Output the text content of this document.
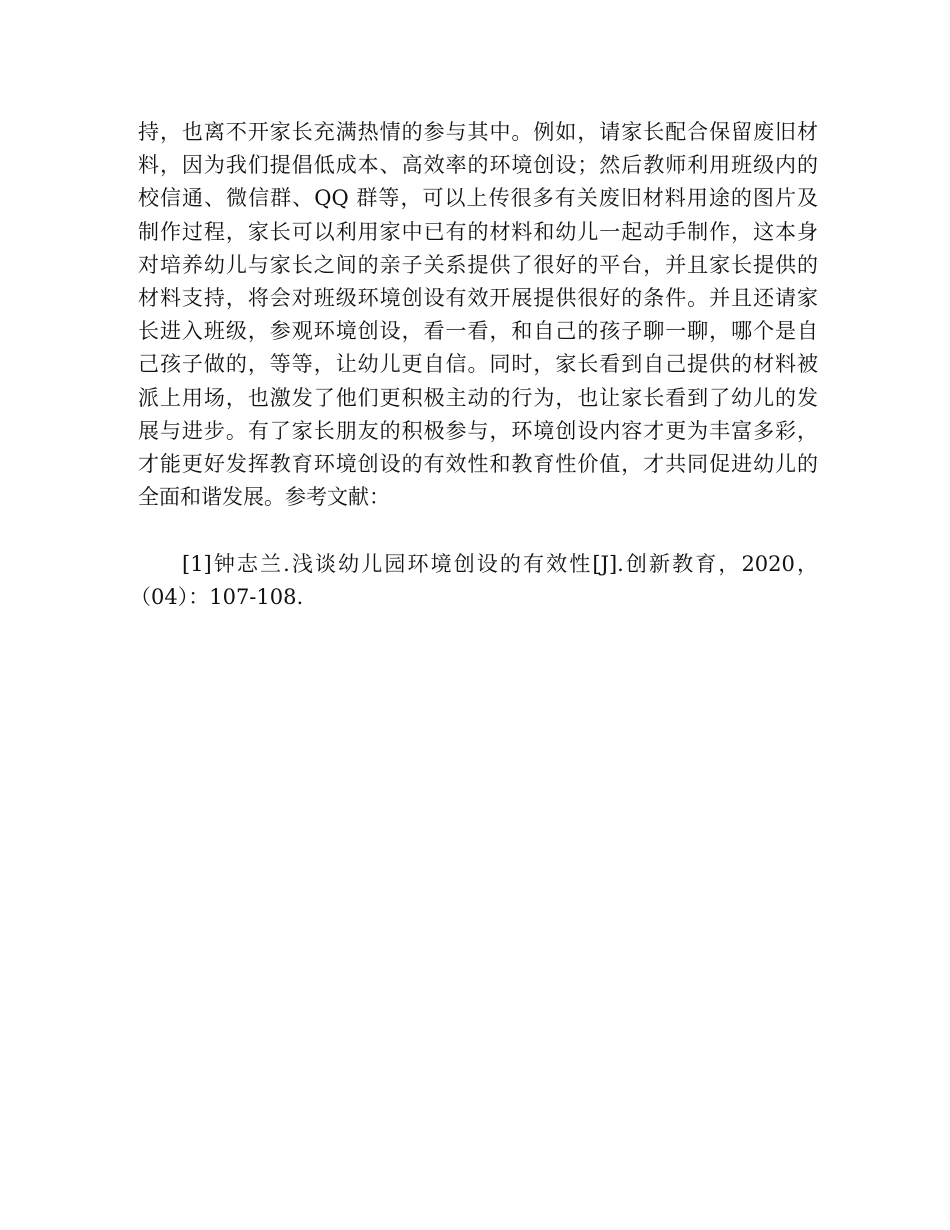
持，也离不开家长充满热情的参与其中。例如，请家长配合保留废旧材
料，因为我们提倡低成本、高效率的环境创设；然后教师利用班级内的
校信通、微信群、QQ 群等，可以上传很多有关废旧材料用途的图片及
制作过程，家长可以利用家中已有的材料和幼儿一起动手制作，这本身
对培养幼儿与家长之间的亲子关系提供了很好的平台，并且家长提供的
材料支持，将会对班级环境创设有效开展提供很好的条件。并且还请家
长进入班级，参观环境创设，看一看，和自己的孩子聊一聊，哪个是自
己孩子做的，等等，让幼儿更自信。同时，家长看到自己提供的材料被
派上用场，也激发了他们更积极主动的行为，也让家长看到了幼儿的发
展与进步。有了家长朋友的积极参与，环境创设内容才更为丰富多彩，
才能更好发挥教育环境创设的有效性和教育性价值，才共同促进幼儿的
全面和谐发展。参考文献：
[1]钟志兰.浅谈幼儿园环境创设的有效性[J].创新教育，2020，
（04）：107-108.
